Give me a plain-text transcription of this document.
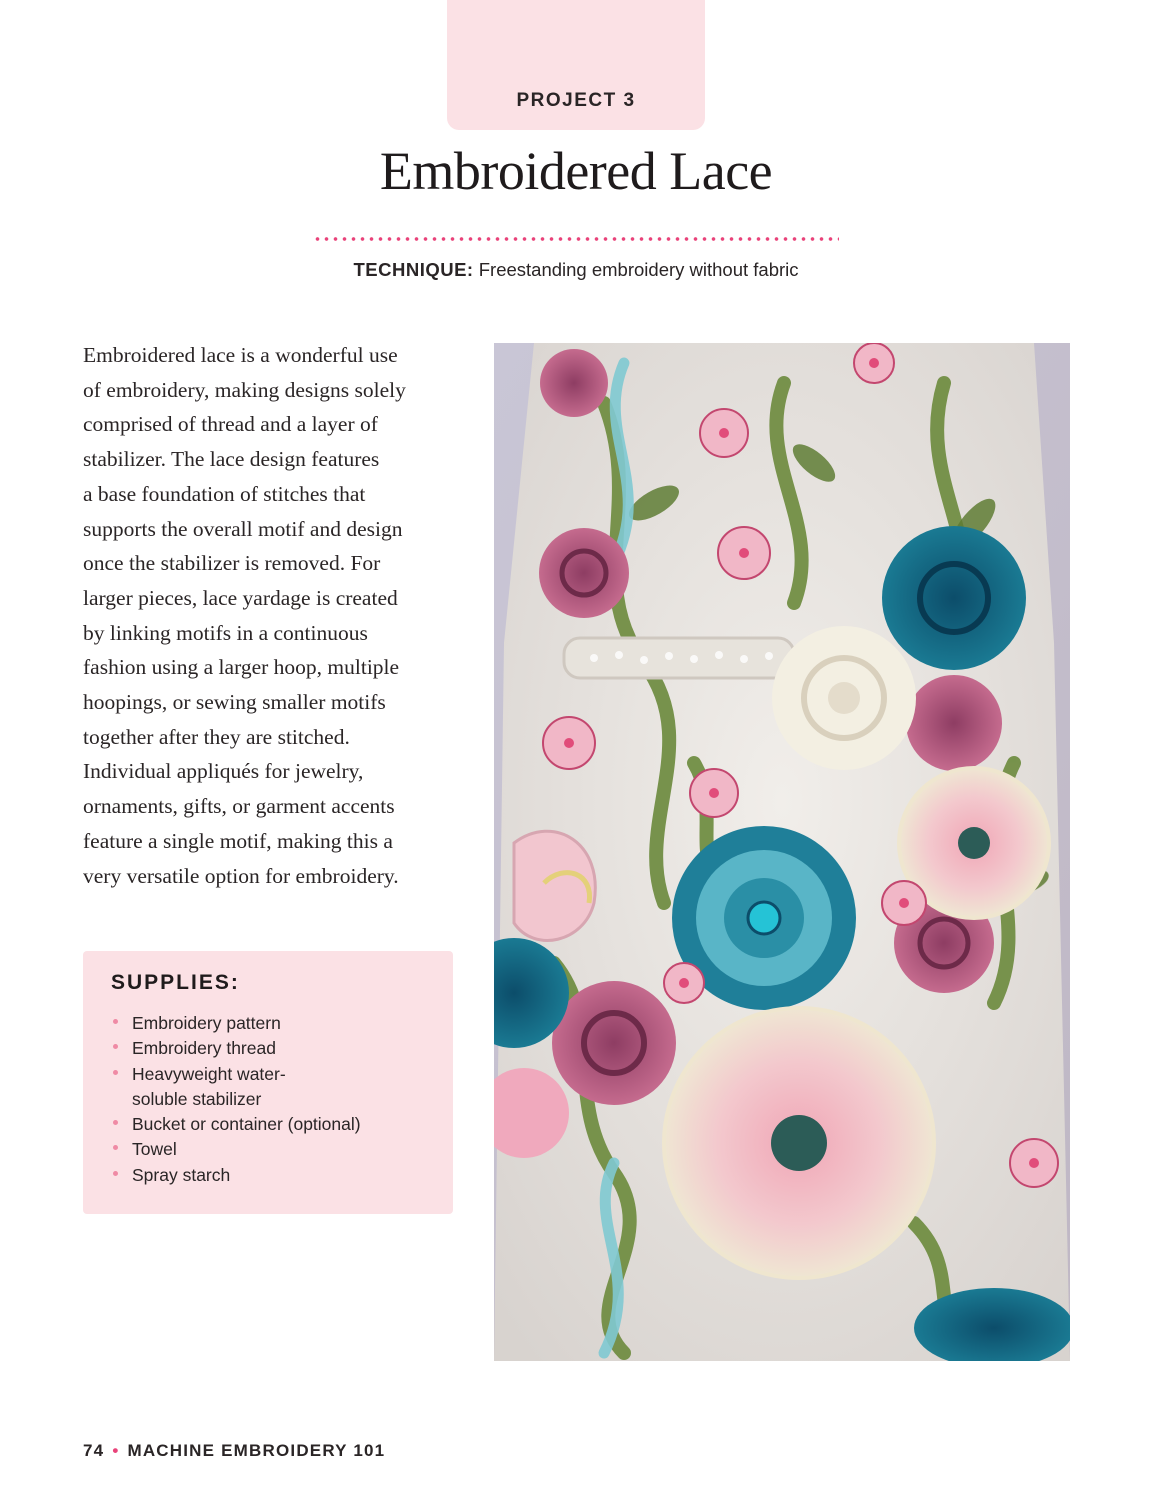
PROJECT 3
Embroidered Lace
TECHNIQUE: Freestanding embroidery without fabric
Embroidered lace is a wonderful use
of embroidery, making designs solely
comprised of thread and a layer of
stabilizer. The lace design features
a base foundation of stitches that
supports the overall motif and design
once the stabilizer is removed. For
larger pieces, lace yardage is created
by linking motifs in a continuous
fashion using a larger hoop, multiple
hoopings, or sewing smaller motifs
together after they are stitched.
Individual appliqués for jewelry,
ornaments, gifts, or garment accents
feature a single motif, making this a
very versatile option for embroidery.
SUPPLIES:
Embroidery pattern
Embroidery thread
Heavyweight water-
soluble stabilizer
Bucket or container (optional)
Towel
Spray starch
74 • MACHINE EMBROIDERY 101
